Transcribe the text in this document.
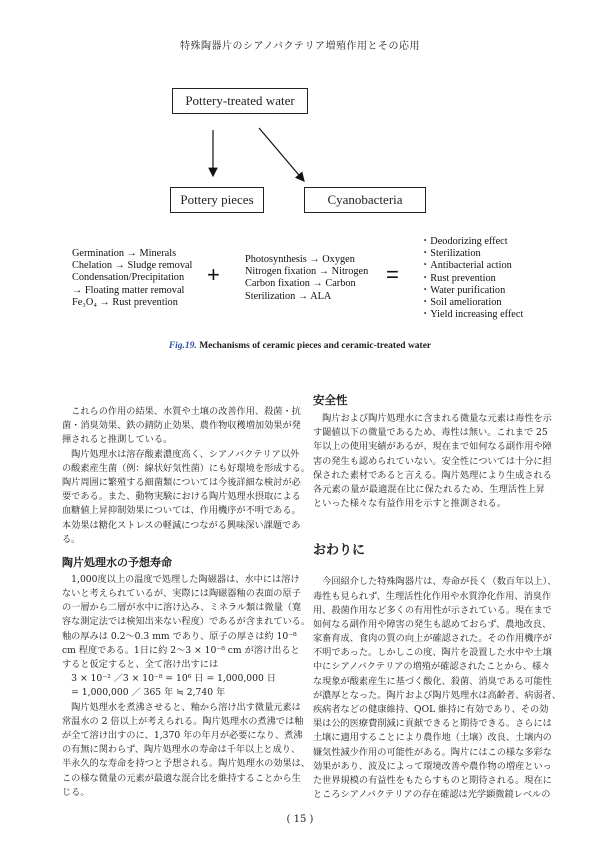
特殊陶器片のシアノバクテリア増殖作用とその応用
Pottery-treated water
Pottery pieces	Cyanobacteria
Germination → Minerals
Chelation → Sludge removal
Condensation/Precipitation
→ Floating matter removal
Fe₃O₄ → Rust prevention
+
Photosynthesis → Oxygen
Nitrogen fixation → Nitrogen
Carbon fixation → Carbon
Sterilization → ALA
=
・Deodorizing effect
・Sterilization
・Antibacterial action
・Rust prevention
・Water purification
・Soil amelioration
・Yield increasing effect
Fig.19. Mechanisms of ceramic pieces and ceramic-treated water
　これらの作用の結果、水質や土壌の改善作用、殺菌・抗
菌・消臭効果、鉄の錆防止効果、農作物収穫増加効果が発
揮されると推測している。
　陶片処理水は溶存酸素濃度高く、シアノバクテリア以外
の酸素産生菌（例：線状好気性菌）にも好環境を形成する。
陶片周囲に繁殖する細菌類については今後詳細な検討が必
要である。また、動物実験における陶片処理水摂取による
血糖値上昇抑制効果については、作用機序が不明である。
本効果は糖化ストレスの軽減につながる興味深い課題であ
る。
陶片処理水の予想寿命
　1,000度以上の温度で処理した陶磁器は、水中には溶け
ないと考えられているが、実際には陶磁器釉の表面の原子
の一層から二層が水中に溶け込み、ミネラル類は微量（寛
容な測定法では検知出来ない程度）であるが含まれている。
釉の厚みは 0.2～0.3 mm であり、原子の厚さは約 10⁻⁸
cm 程度である。1日に約 2～3 × 10⁻⁸ cm が溶け出ると
すると仮定すると、全て溶け出すには
　3 × 10⁻² ／3 × 10⁻⁸ = 10⁶ 日 = 1,000,000 日
　= 1,000,000 ／ 365 年 ≒ 2,740 年
　陶片処理水を煮沸させると、釉から溶け出す微量元素は
常温水の 2 倍以上が考えられる。陶片処理水の煮沸では釉
が全て溶け出すのに、1,370 年の年月が必要になり、煮沸
の有無に関わらず、陶片処理水の寿命は千年以上と成り、
半永久的な寿命を持つと予想される。陶片処理水の効果は、
この様な微量の元素が最適な混合比を維持することから生
じる。
安全性
　陶片および陶片処理水に含まれる微量な元素は毒性を示
す閾値以下の微量であるため、毒性は無い。これまで 25
年以上の使用実績があるが、現在まで如何なる副作用や障
害の発生も認められていない。安全性については十分に担
保された素材であると言える。陶片処理により生成される
各元素の量が最適混在比に保たれるため、生理活性上昇
といった様々な有益作用を示すと推測される。
おわりに
　今回紹介した特殊陶器片は、寿命が長く（数百年以上）、
毒性も見られず、生理活性化作用や水質浄化作用、消臭作
用、殺菌作用など多くの有用性が示されている。現在まで
如何なる副作用や障害の発生も認めておらず、農地改良、
家畜育成、食肉の質の向上が確認された。その作用機序が
不明であった。しかしこの度、陶片を設置した水中や土壌
中にシアノバクテリアの増殖が確認されたことから、様々
な現象が酸素産生に基づく酸化、殺菌、消臭である可能性
が濃厚となった。陶片および陶片処理水は高齢者、病弱者、
疾病者などの健康維持、QOL 維持に有効であり、その効
果は公的医療費削減に貢献できると期待できる。さらには
土壌に適用することにより農作地（土壌）改良、土壌内の
嫌気性減少作用の可能性がある。陶片にはこの様な多彩な
効果があり、波及によって環境改善や農作物の増産といっ
た世界規模の有益性をもたらすものと期待される。現在に
ところシアノバクテリアの存在確認は光学顕微鏡レベルの
( 15 )
